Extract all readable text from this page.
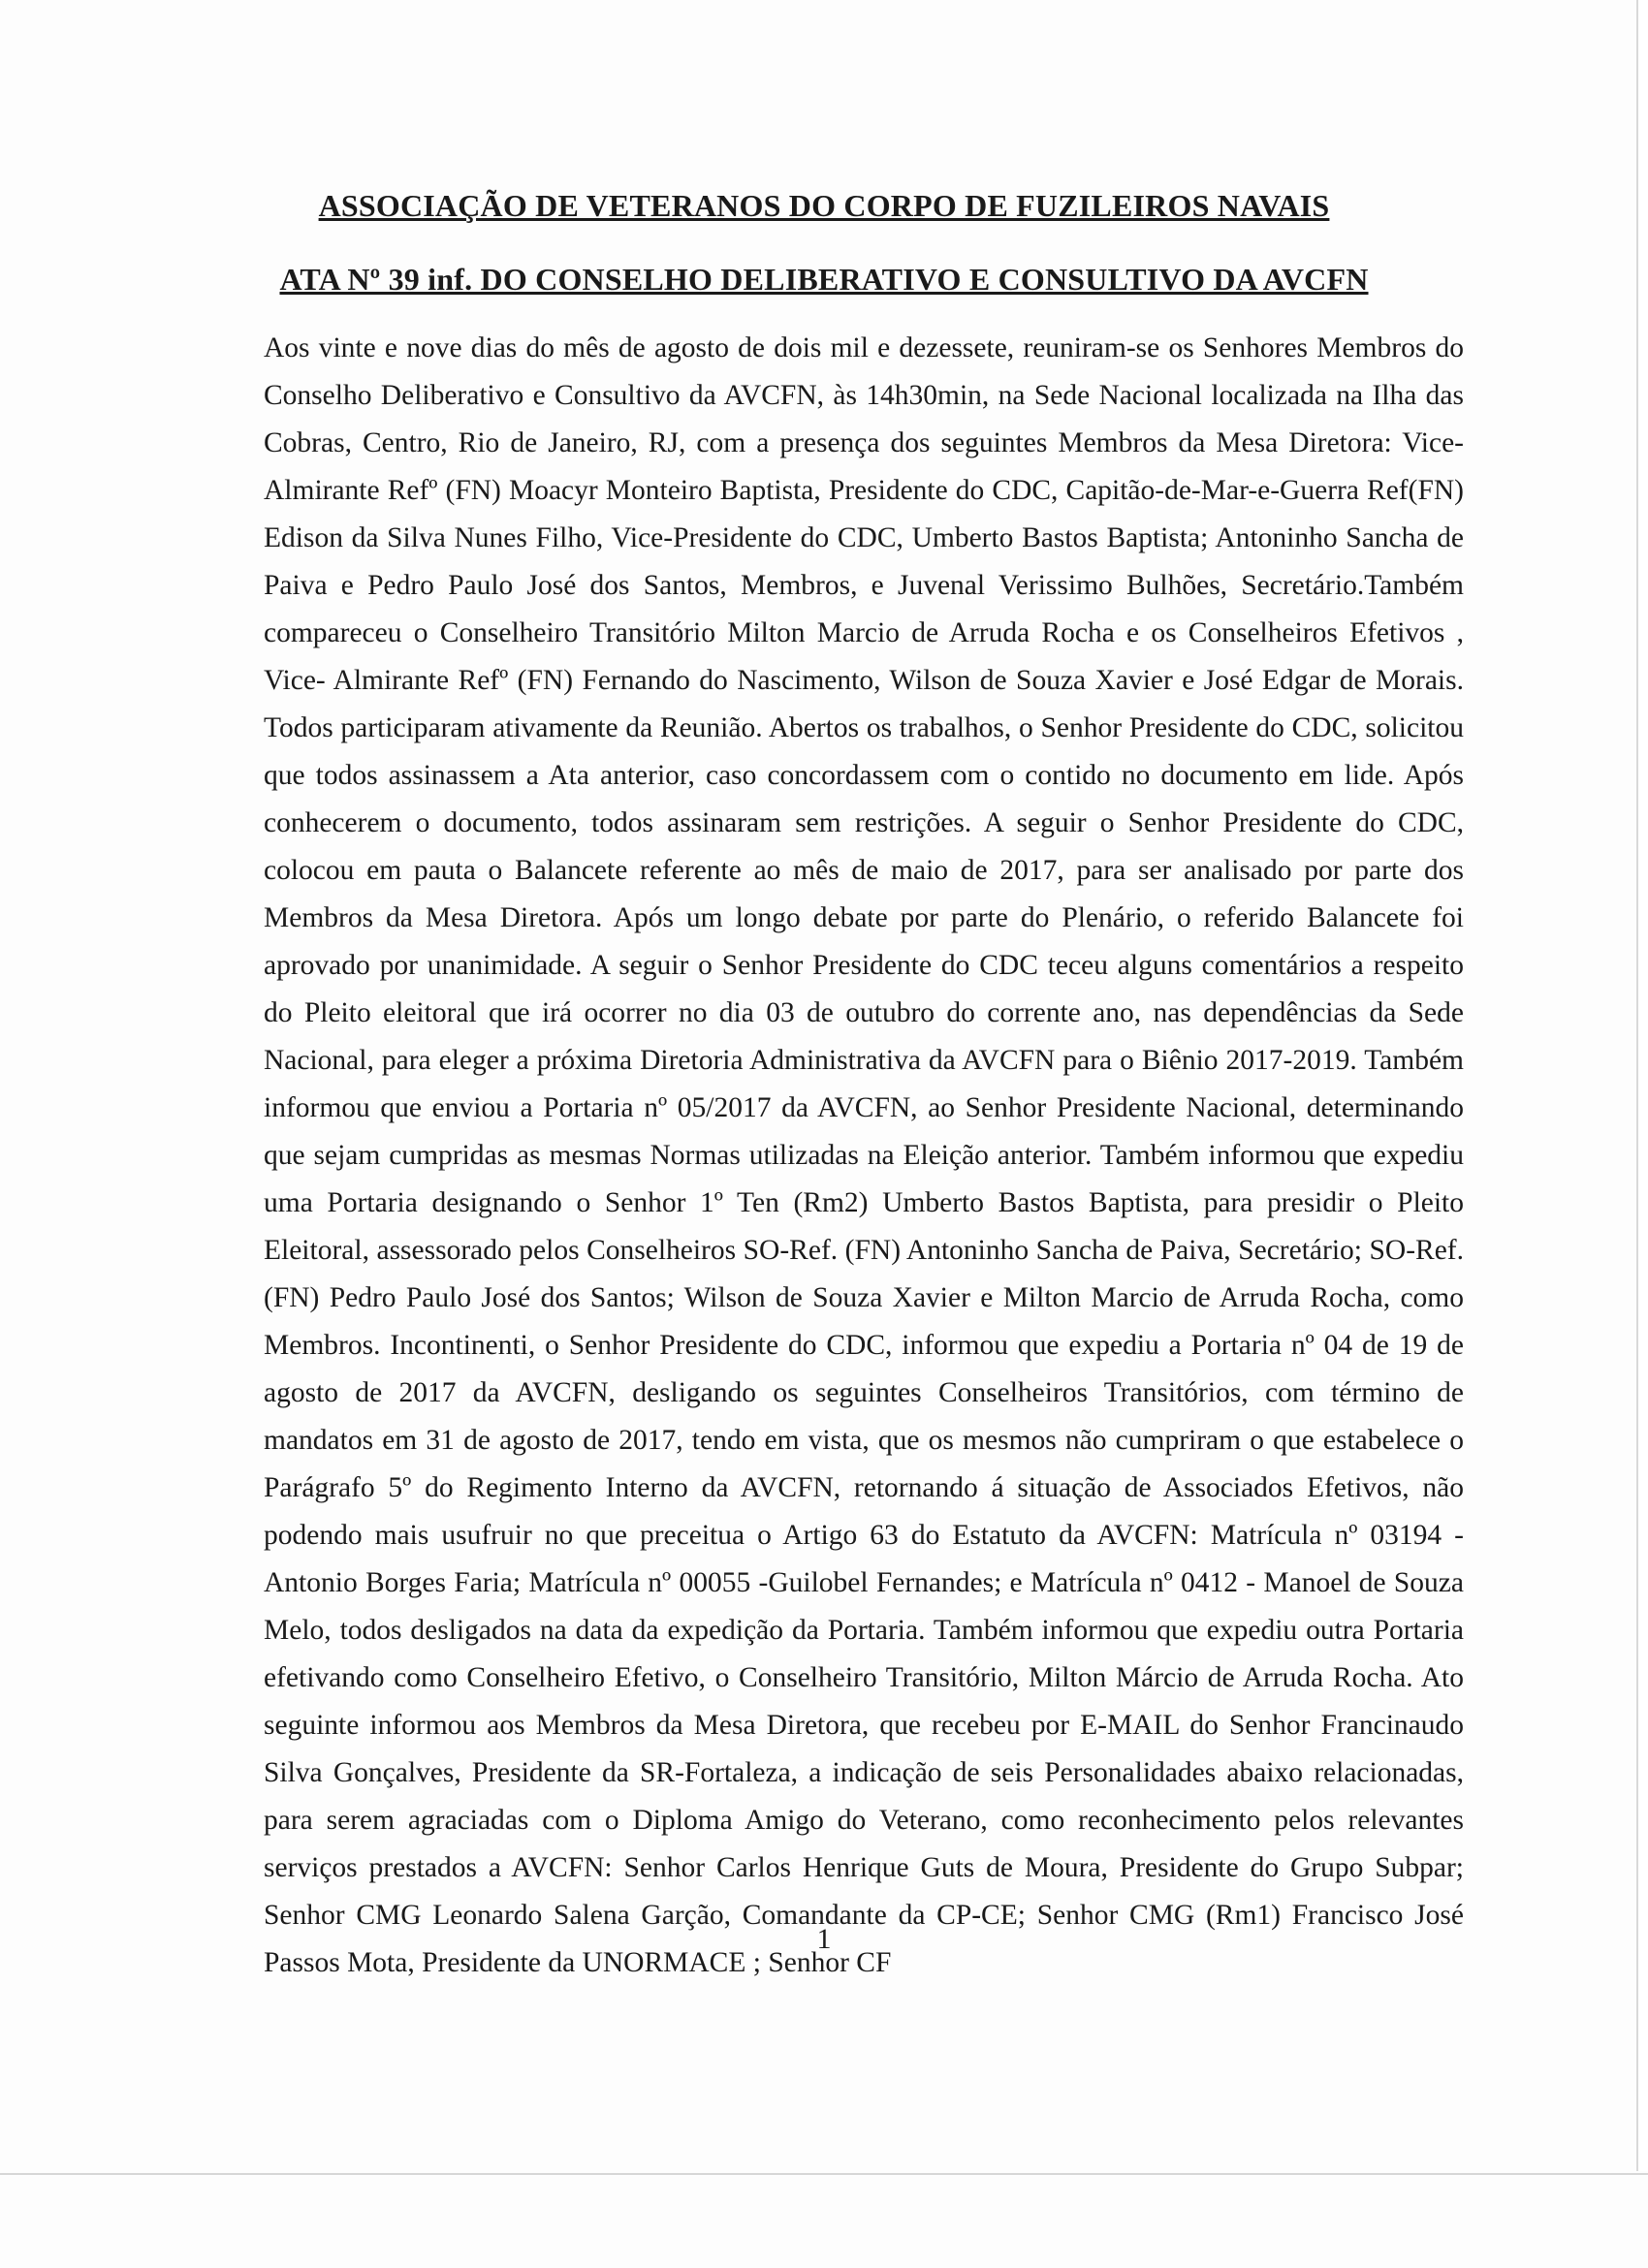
ASSOCIAÇÃO DE VETERANOS DO CORPO DE FUZILEIROS NAVAIS
ATA Nº 39 inf. DO CONSELHO DELIBERATIVO E CONSULTIVO DA AVCFN
Aos vinte e nove dias do mês de agosto de dois mil e dezessete, reuniram-se os Senhores Membros do Conselho Deliberativo e Consultivo da AVCFN, às 14h30min, na Sede Nacional localizada na Ilha das Cobras, Centro, Rio de Janeiro, RJ, com a presença dos seguintes Membros da Mesa Diretora: Vice-Almirante Refº (FN) Moacyr Monteiro Baptista, Presidente do CDC, Capitão-de-Mar-e-Guerra Ref(FN) Edison da Silva Nunes Filho, Vice-Presidente do CDC, Umberto Bastos Baptista; Antoninho Sancha de Paiva e Pedro Paulo José dos Santos, Membros, e Juvenal Verissimo Bulhões, Secretário.Também compareceu o Conselheiro Transitório Milton Marcio de Arruda Rocha e os Conselheiros Efetivos , Vice- Almirante Refº (FN) Fernando do Nascimento, Wilson de Souza Xavier e José Edgar de Morais. Todos participaram ativamente da Reunião. Abertos os trabalhos, o Senhor Presidente do CDC, solicitou que todos assinassem a Ata anterior, caso concordassem com o contido no documento em lide. Após conhecerem o documento, todos assinaram sem restrições. A seguir o Senhor Presidente do CDC, colocou em pauta o Balancete referente ao mês de maio de 2017, para ser analisado por parte dos Membros da Mesa Diretora. Após um longo debate por parte do Plenário, o referido Balancete foi aprovado por unanimidade. A seguir o Senhor Presidente do CDC teceu alguns comentários a respeito do Pleito eleitoral que irá ocorrer no dia 03 de outubro do corrente ano, nas dependências da Sede Nacional, para eleger a próxima Diretoria Administrativa da AVCFN para o Biênio 2017-2019. Também informou que enviou a Portaria nº 05/2017 da AVCFN, ao Senhor Presidente Nacional, determinando que sejam cumpridas as mesmas Normas utilizadas na Eleição anterior. Também informou que expediu uma Portaria designando o Senhor 1º Ten (Rm2) Umberto Bastos Baptista, para presidir o Pleito Eleitoral, assessorado pelos Conselheiros SO-Ref. (FN) Antoninho Sancha de Paiva, Secretário; SO-Ref. (FN) Pedro Paulo José dos Santos; Wilson de Souza Xavier e Milton Marcio de Arruda Rocha, como Membros. Incontinenti, o Senhor Presidente do CDC, informou que expediu a Portaria nº 04 de 19 de agosto de 2017 da AVCFN, desligando os seguintes Conselheiros Transitórios, com término de mandatos em 31 de agosto de 2017, tendo em vista, que os mesmos não cumpriram o que estabelece o Parágrafo 5º do Regimento Interno da AVCFN, retornando á situação de Associados Efetivos, não podendo mais usufruir no que preceitua o Artigo 63 do Estatuto da AVCFN: Matrícula nº 03194 - Antonio Borges Faria; Matrícula nº 00055 -Guilobel Fernandes; e Matrícula nº 0412 - Manoel de Souza Melo, todos desligados na data da expedição da Portaria. Também informou que expediu outra Portaria efetivando como Conselheiro Efetivo, o Conselheiro Transitório, Milton Márcio de Arruda Rocha. Ato seguinte informou aos Membros da Mesa Diretora, que recebeu por E-MAIL do Senhor Francinaudo Silva Gonçalves, Presidente da SR-Fortaleza, a indicação de seis Personalidades abaixo relacionadas, para serem agraciadas com o Diploma Amigo do Veterano, como reconhecimento pelos relevantes serviços prestados a AVCFN: Senhor Carlos Henrique Guts de Moura, Presidente do Grupo Subpar; Senhor CMG Leonardo Salena Garção, Comandante da CP-CE; Senhor CMG (Rm1) Francisco José Passos Mota, Presidente da UNORMACE ; Senhor CF
1
